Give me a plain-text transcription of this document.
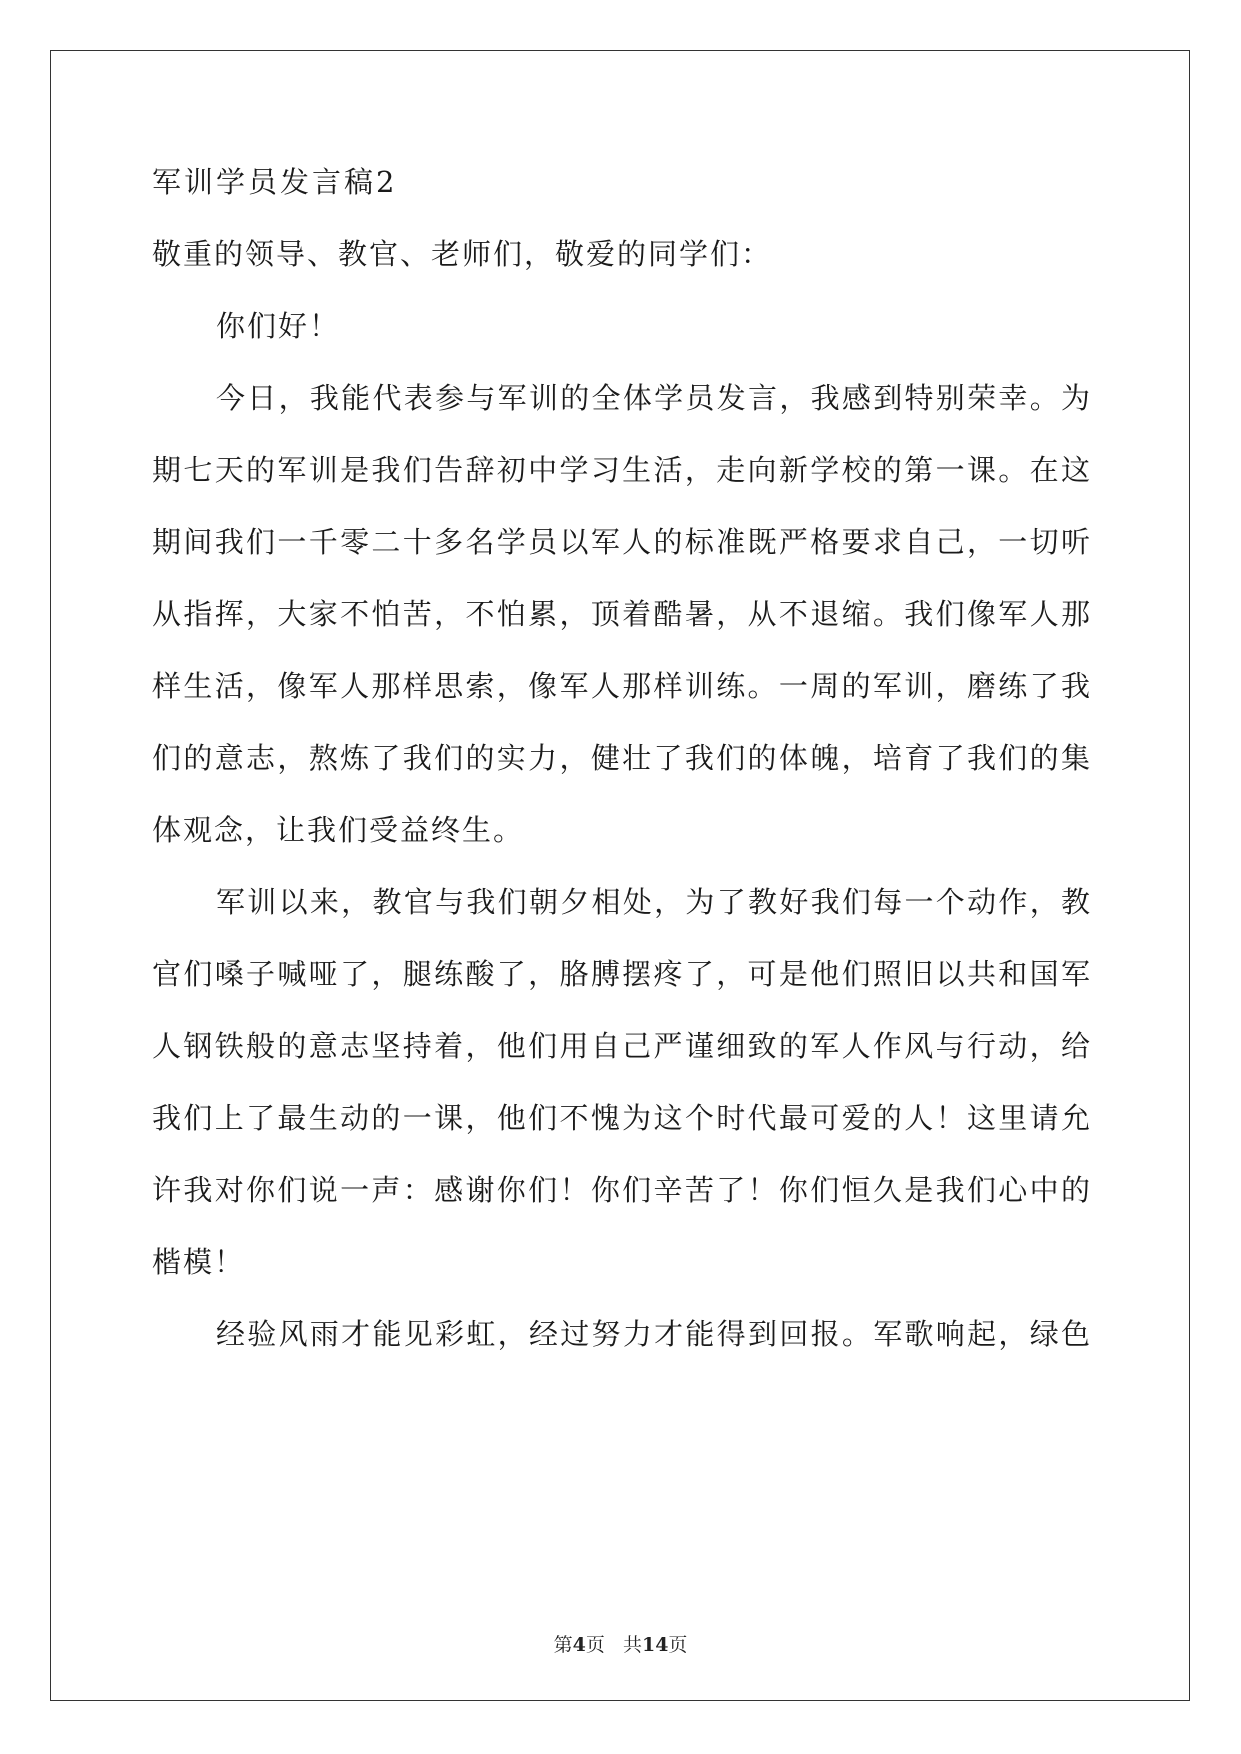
军训学员发言稿2
敬重的领导、教官、老师们，敬爱的同学们：
你们好！
今日，我能代表参与军训的全体学员发言，我感到特别荣幸。为
期七天的军训是我们告辞初中学习生活，走向新学校的第一课。在这
期间我们一千零二十多名学员以军人的标准既严格要求自己，一切听
从指挥，大家不怕苦，不怕累，顶着酷暑，从不退缩。我们像军人那
样生活，像军人那样思索，像军人那样训练。一周的军训，磨练了我
们的意志，熬炼了我们的实力，健壮了我们的体魄，培育了我们的集
体观念，让我们受益终生。
军训以来，教官与我们朝夕相处，为了教好我们每一个动作，教
官们嗓子喊哑了，腿练酸了，胳膊摆疼了，可是他们照旧以共和国军
人钢铁般的意志坚持着，他们用自己严谨细致的军人作风与行动，给
我们上了最生动的一课，他们不愧为这个时代最可爱的人！这里请允
许我对你们说一声：感谢你们！你们辛苦了！你们恒久是我们心中的
楷模！
经验风雨才能见彩虹，经过努力才能得到回报。军歌响起，绿色
第4页 共14页
